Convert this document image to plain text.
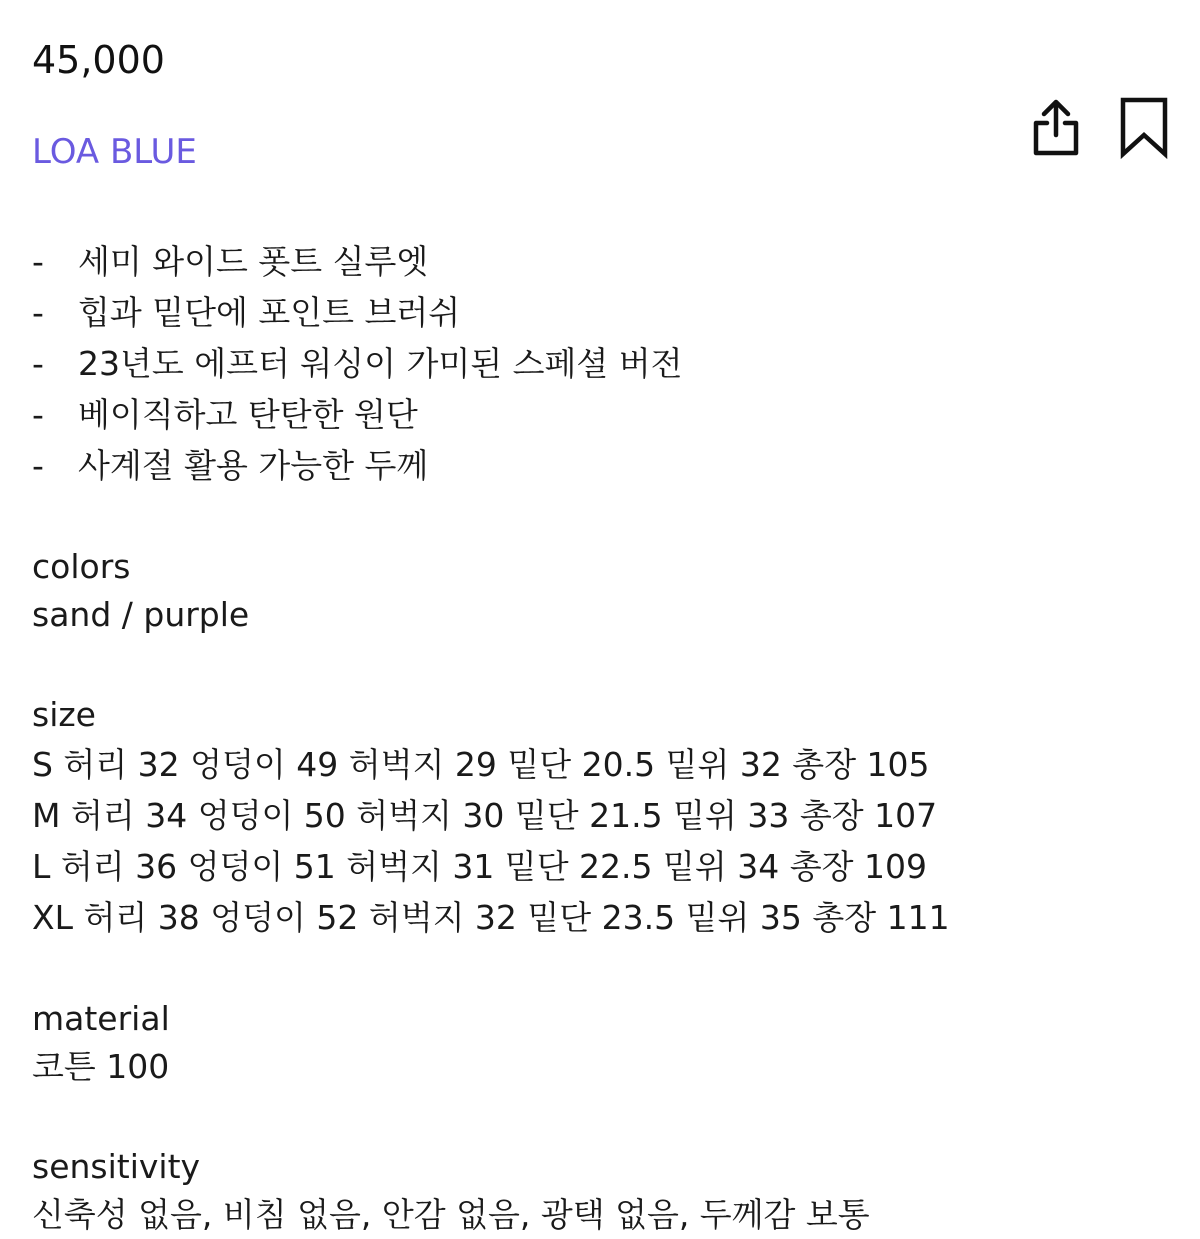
45,000
LOA BLUE
- 세미 와이드 폿트 실루엣
- 힙과 밑단에 포인트 브러쉬
- 23년도 에프터 워싱이 가미된 스페셜 버전
- 베이직하고 탄탄한 원단
- 사계절 활용 가능한 두께
colors
sand / purple
size
S 허리 32 엉덩이 49 허벅지 29 밑단 20.5 밑위 32 총장 105
M 허리 34 엉덩이 50 허벅지 30 밑단 21.5 밑위 33 총장 107
L 허리 36 엉덩이 51 허벅지 31 밑단 22.5 밑위 34 총장 109
XL 허리 38 엉덩이 52 허벅지 32 밑단 23.5 밑위 35 총장 111
material
코튼 100
sensitivity
신축성 없음, 비침 없음, 안감 없음, 광택 없음, 두께감 보통
